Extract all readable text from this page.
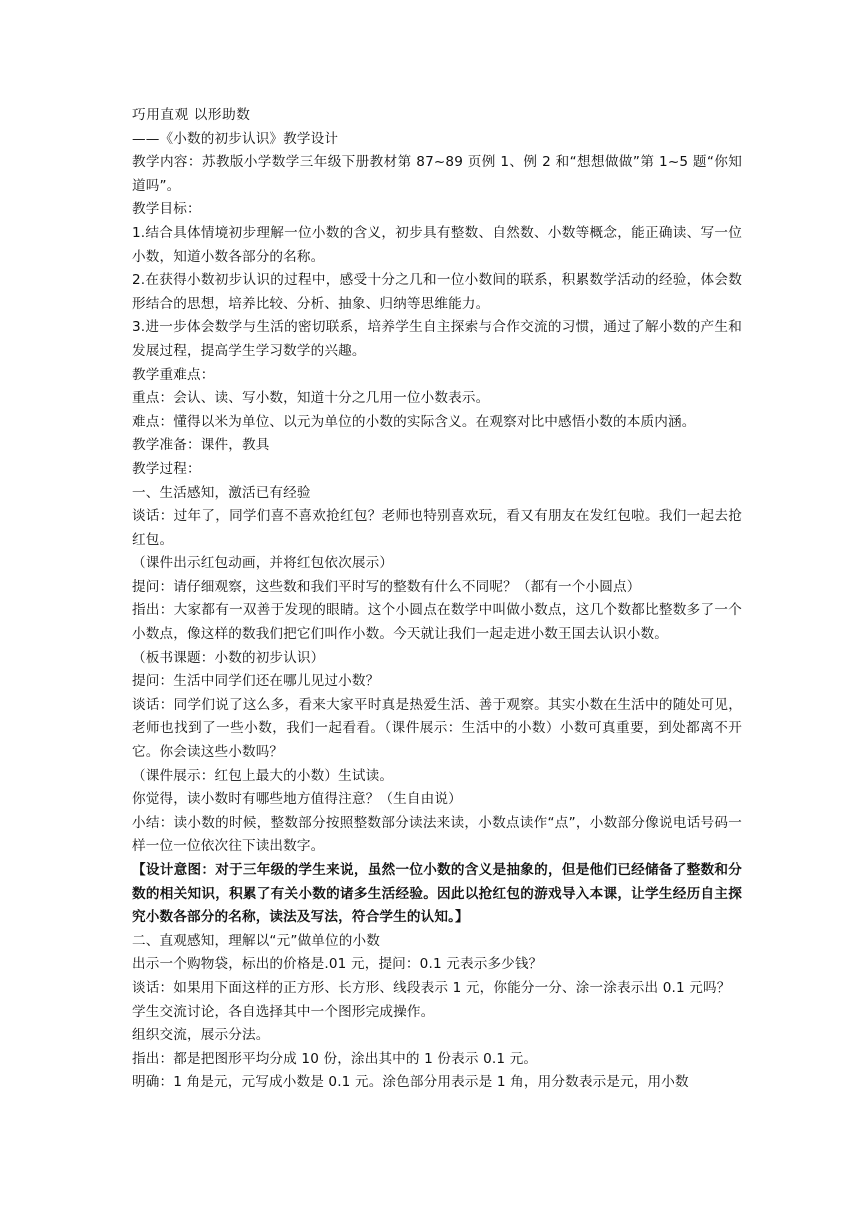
巧用直观 以形助数

——《小数的初步认识》教学设计

教学内容：苏教版小学数学三年级下册教材第 87~89 页例 1、例 2 和“想想做做”第 1~5 题“你知道吗”。

教学目标：

1.结合具体情境初步理解一位小数的含义，初步具有整数、自然数、小数等概念，能正确读、写一位小数，知道小数各部分的名称。

2.在获得小数初步认识的过程中，感受十分之几和一位小数间的联系，积累数学活动的经验，体会数形结合的思想，培养比较、分析、抽象、归纳等思维能力。

3.进一步体会数学与生活的密切联系，培养学生自主探索与合作交流的习惯，通过了解小数的产生和发展过程，提高学生学习数学的兴趣。

教学重难点：

重点：会认、读、写小数，知道十分之几用一位小数表示。

难点：懂得以米为单位、以元为单位的小数的实际含义。在观察对比中感悟小数的本质内涵。

教学准备：课件，教具

教学过程：

一、生活感知，激活已有经验

谈话：过年了，同学们喜不喜欢抢红包？老师也特别喜欢玩，看又有朋友在发红包啦。我们一起去抢红包。

（课件出示红包动画，并将红包依次展示）

提问：请仔细观察，这些数和我们平时写的整数有什么不同呢？（都有一个小圆点）

指出：大家都有一双善于发现的眼睛。这个小圆点在数学中叫做小数点，这几个数都比整数多了一个小数点，像这样的数我们把它们叫作小数。今天就让我们一起走进小数王国去认识小数。

（板书课题：小数的初步认识）

提问：生活中同学们还在哪儿见过小数？

谈话：同学们说了这么多，看来大家平时真是热爱生活、善于观察。其实小数在生活中的随处可见，老师也找到了一些小数，我们一起看看。（课件展示：生活中的小数）小数可真重要，到处都离不开它。你会读这些小数吗？

（课件展示：红包上最大的小数）生试读。

你觉得，读小数时有哪些地方值得注意？（生自由说）

小结：读小数的时候，整数部分按照整数部分读法来读，小数点读作“点”，小数部分像说电话号码一样一位一位依次往下读出数字。

【设计意图：对于三年级的学生来说，虽然一位小数的含义是抽象的，但是他们已经储备了整数和分数的相关知识，积累了有关小数的诸多生活经验。因此以抢红包的游戏导入本课，让学生经历自主探究小数各部分的名称，读法及写法，符合学生的认知。】

二、直观感知，理解以“元”做单位的小数

出示一个购物袋，标出的价格是.01 元，提问：0.1 元表示多少钱？

谈话：如果用下面这样的正方形、长方形、线段表示 1 元，你能分一分、涂一涂表示出 0.1 元吗？

学生交流讨论，各自选择其中一个图形完成操作。

组织交流，展示分法。

指出：都是把图形平均分成 10 份，涂出其中的 1 份表示 0.1 元。

明确：1 角是元，元写成小数是 0.1 元。涂色部分用表示是 1 角，用分数表示是元，用小数
